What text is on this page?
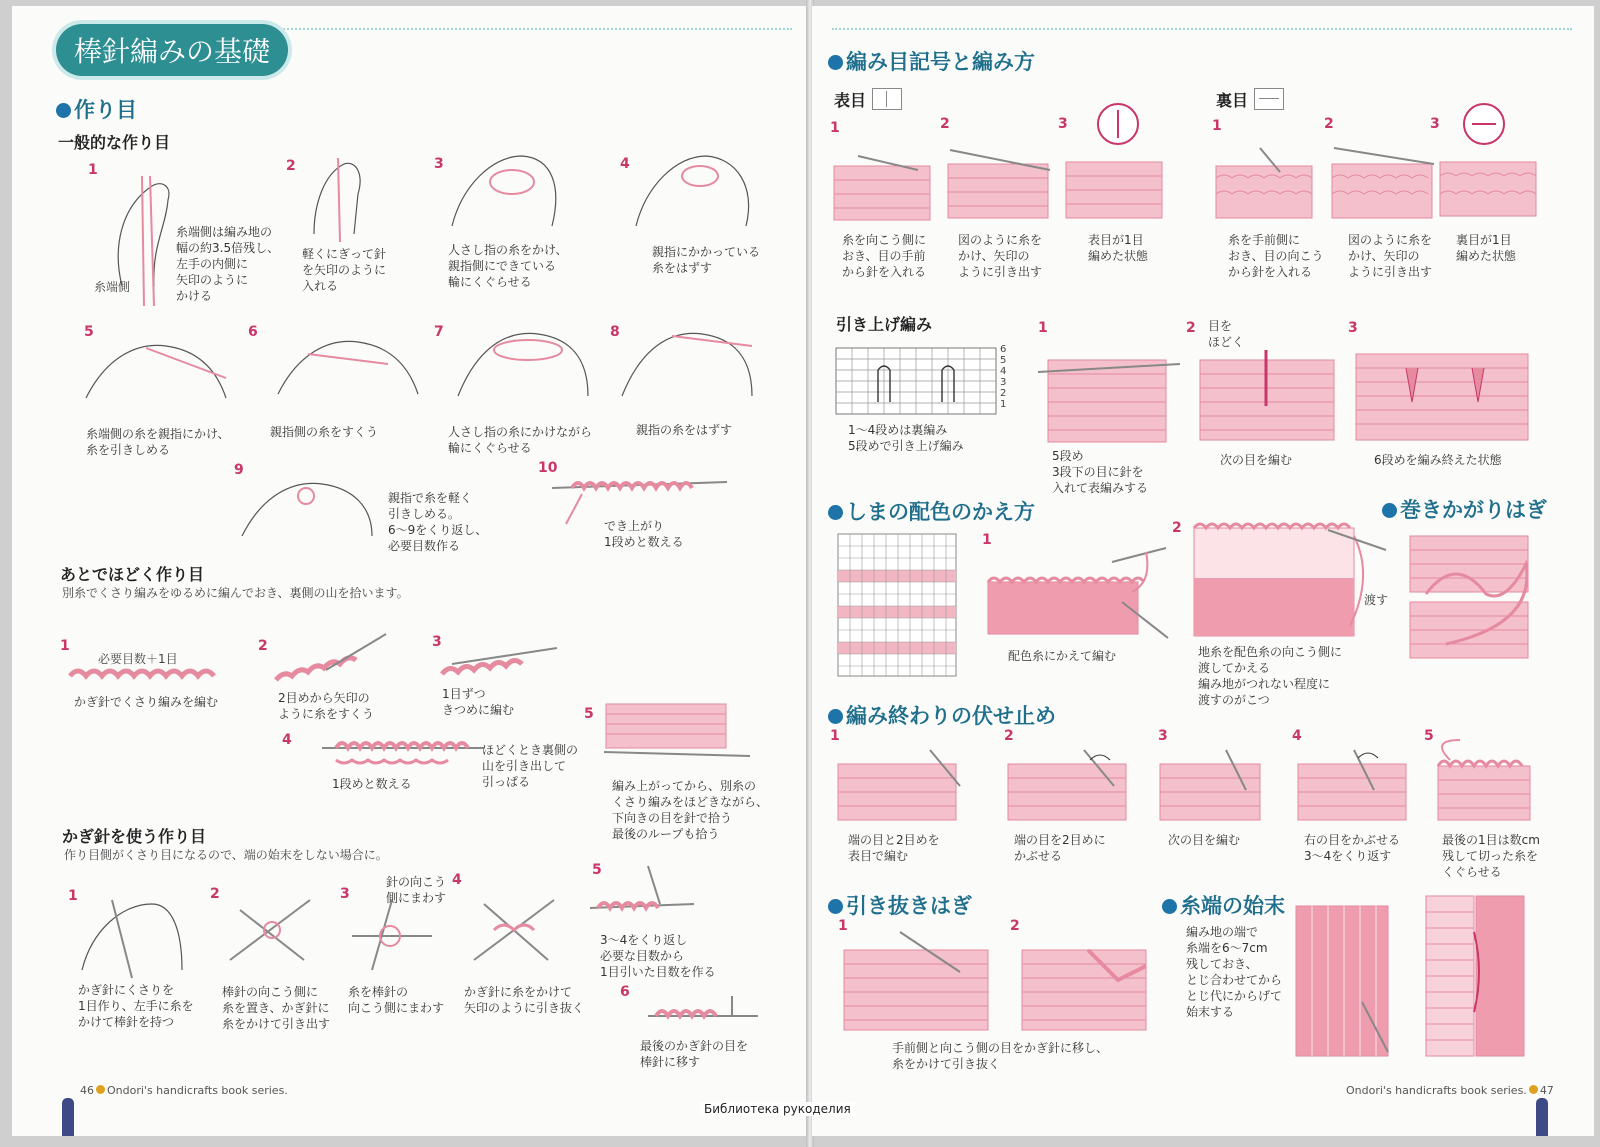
棒針編みの基礎
作り目
一般的な作り目
1
糸端側
糸端側は編み地の
幅の約3.5倍残し、
左手の内側に
矢印のように
かける
2
軽くにぎって針
を矢印のように
入れる
3
人さし指の糸をかけ、
親指側にできている
輪にくぐらせる
4
親指にかかっている
糸をはずす
5
糸端側の糸を親指にかけ、
糸を引きしめる
6
親指側の糸をすくう
7
人さし指の糸にかけながら
輪にくぐらせる
8
親指の糸をはずす
9
親指で糸を軽く
引きしめる。
6〜9をくり返し、
必要目数作る
10
でき上がり
1段めと数える
あとでほどく作り目
別糸でくさり編みをゆるめに編んでおき、裏側の山を拾います。
1
必要目数＋1目
かぎ針でくさり編みを編む
2
2目めから矢印の
ように糸をすくう
3
1目ずつ
きつめに編む
4
ほどくとき裏側の
山を引き出して
引っぱる
1段めと数える
5
編み上がってから、別糸の
くさり編みをほどきながら、
下向きの目を針で拾う
最後のループも拾う
かぎ針を使う作り目
作り目側がくさり目になるので、端の始末をしない場合に。
1
かぎ針にくさりを
1目作り、左手に糸を
かけて棒針を持つ
2
棒針の向こう側に
糸を置き、かぎ針に
糸をかけて引き出す
3
糸を棒針の
向こう側にまわす
4
針の向こう
側にまわす
かぎ針に糸をかけて
矢印のように引き抜く
5
3〜4をくり返し
必要な目数から
1目引いた目数を作る
6
最後のかぎ針の目を
棒針に移す
46 Ondori's handicrafts book series.
編み目記号と編み方
表目	裏目
1
糸を向こう側に
おき、目の手前
から針を入れる
2
図のように糸を
かけ、矢印の
ように引き出す
3
表目が1目
編めた状態
1
糸を手前側に
おき、目の向こう
から針を入れる
2
図のように糸を
かけ、矢印の
ように引き出す
3
裏目が1目
編めた状態
引き上げ編み
6
5
4
3
2
1
1〜4段めは裏編み
5段めで引き上げ編み
1
5段め
3段下の目に針を
入れて表編みする
2 目を
ほどく
次の目を編む
3
6段めを編み終えた状態
しまの配色のかえ方
1
配色糸にかえて編む
2
渡す
地糸を配色糸の向こう側に
渡してかえる
編み地がつれない程度に
渡すのがこつ
巻きかがりはぎ
編み終わりの伏せ止め
1
端の目と2目めを
表目で編む
2
端の目を2目めに
かぶせる
3
次の目を編む
4
右の目をかぶせる
3〜4をくり返す
5
最後の1目は数cm
残して切った糸を
くぐらせる
引き抜きはぎ
1	2
手前側と向こう側の目をかぎ針に移し、
糸をかけて引き抜く
糸端の始末
編み地の端で
糸端を6〜7cm
残しておき、
とじ合わせてから
とじ代にからげて
始末する
Ondori's handicrafts book series. 47
Библиотека рукоделия
